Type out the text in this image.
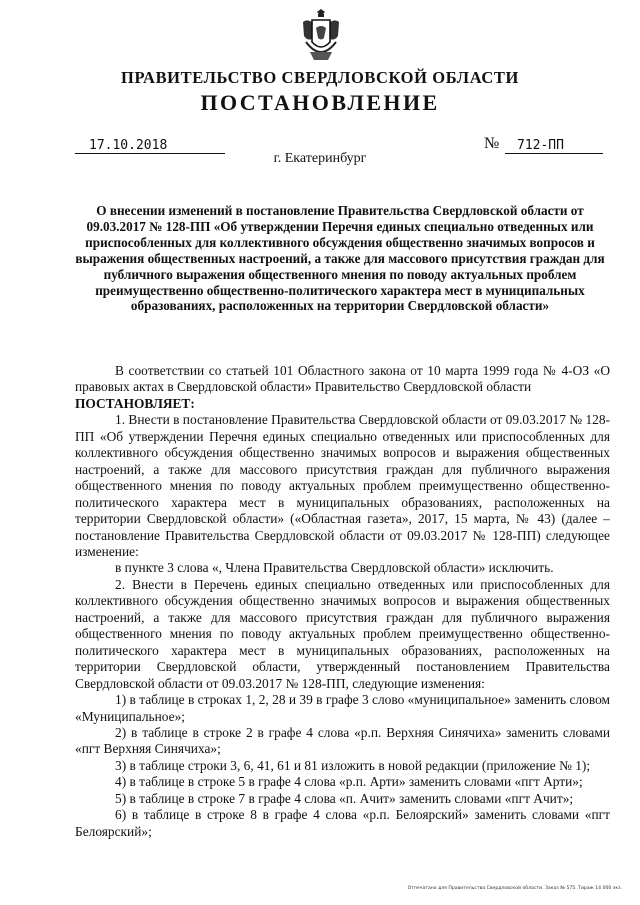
ПРАВИТЕЛЬСТВО СВЕРДЛОВСКОЙ ОБЛАСТИ
ПОСТАНОВЛЕНИЕ
17.10.2018	№	712-ПП
г. Екатеринбург
О внесении изменений в постановление Правительства Свердловской области от 09.03.2017 № 128-ПП «Об утверждении Перечня единых специально отведенных или приспособленных для коллективного обсуждения общественно значимых вопросов и выражения общественных настроений, а также для массового присутствия граждан для публичного выражения общественного мнения по поводу актуальных проблем преимущественно общественно-политического характера мест в муниципальных образованиях, расположенных на территории Свердловской области»

В соответствии со статьей 101 Областного закона от 10 марта 1999 года № 4-ОЗ «О правовых актах в Свердловской области» Правительство Свердловской области

ПОСТАНОВЛЯЕТ:

1. Внести в постановление Правительства Свердловской области от 09.03.2017 № 128-ПП «Об утверждении Перечня единых специально отведенных или приспособленных для коллективного обсуждения общественно значимых вопросов и выражения общественных настроений, а также для массового присутствия граждан для публичного выражения общественного мнения по поводу актуальных проблем преимущественно общественно-политического характера мест в муниципальных образованиях, расположенных на территории Свердловской области» («Областная газета», 2017, 15 марта, № 43) (далее – постановление Правительства Свердловской области от 09.03.2017 № 128-ПП) следующее изменение:

в пункте 3 слова «, Члена Правительства Свердловской области» исключить.

2. Внести в Перечень единых специально отведенных или приспособленных для коллективного обсуждения общественно значимых вопросов и выражения общественных настроений, а также для массового присутствия граждан для публичного выражения общественного мнения по поводу актуальных проблем преимущественно общественно-политического характера мест в муниципальных образованиях, расположенных на территории Свердловской области, утвержденный постановлением Правительства Свердловской области от 09.03.2017 № 128-ПП, следующие изменения:

1) в таблице в строках 1, 2, 28 и 39 в графе 3 слово «муниципальное» заменить словом «Муниципальное»;

2) в таблице в строке 2 в графе 4 слова «р.п. Верхняя Синячиха» заменить словами «пгт Верхняя Синячиха»;

3) в таблице строки 3, 6, 41, 61 и 81 изложить в новой редакции (приложение № 1);

4) в таблице в строке 5 в графе 4 слова «р.п. Арти» заменить словами «пгт Арти»;

5) в таблице в строке 7 в графе 4 слова «п. Ачит» заменить словами «пгт Ачит»;

6) в таблице в строке 8 в графе 4 слова «р.п. Белоярский» заменить словами «пгт Белоярский»;

Отпечатано для Правительства Свердловской области. Заказ № 575. Тираж 14 000 экз.
